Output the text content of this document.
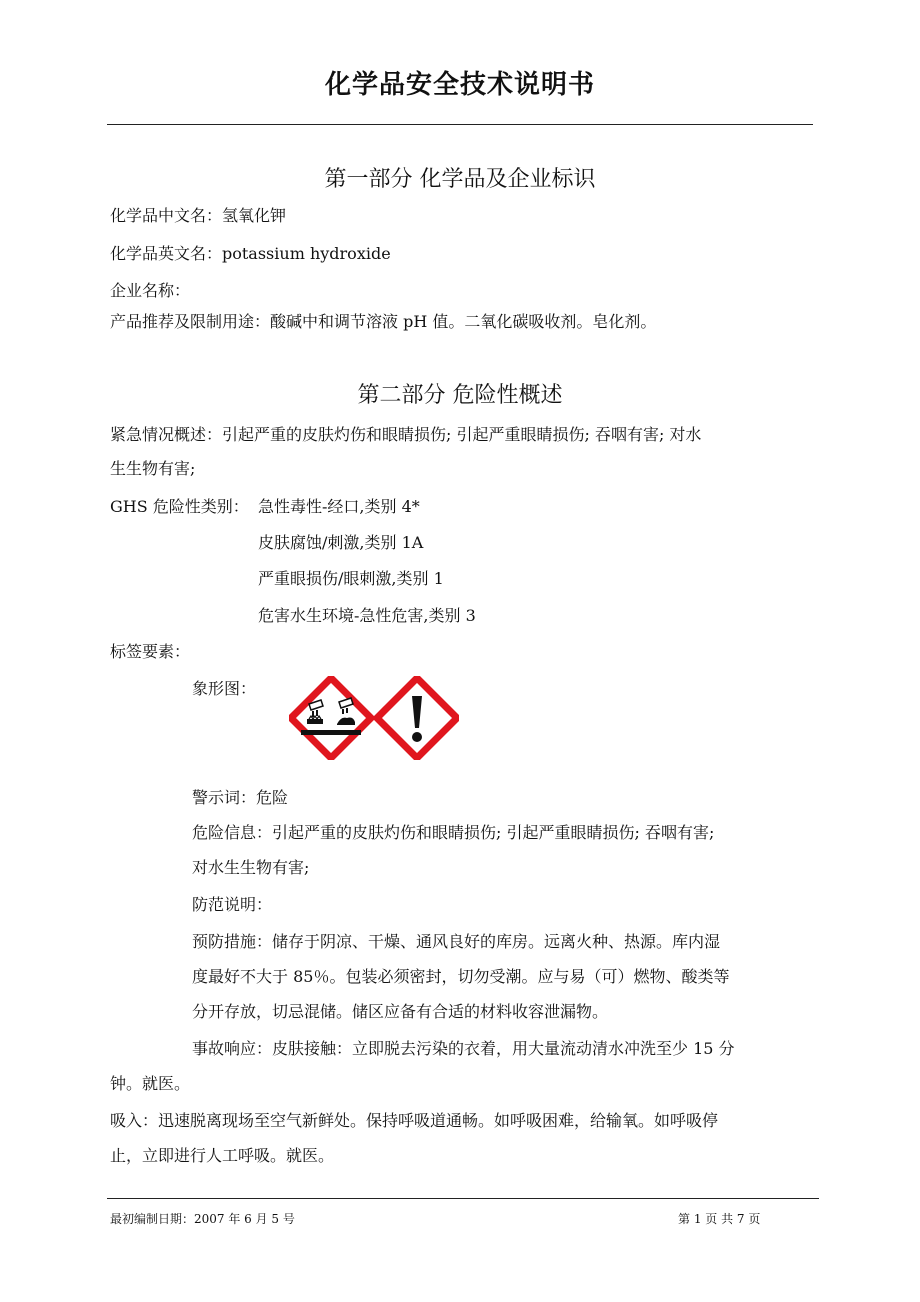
化学品安全技术说明书
第一部分 化学品及企业标识
化学品中文名：氢氧化钾
化学品英文名：potassium hydroxide
企业名称：
产品推荐及限制用途：酸碱中和调节溶液 pH 值。二氧化碳吸收剂。皂化剂。
第二部分 危险性概述
紧急情况概述：引起严重的皮肤灼伤和眼睛损伤; 引起严重眼睛损伤; 吞咽有害; 对水
生生物有害;
GHS 危险性类别： 急性毒性-经口,类别 4*
皮肤腐蚀/刺激,类别 1A
严重眼损伤/眼刺激,类别 1
危害水生环境-急性危害,类别 3
标签要素：
象形图：
警示词：危险
危险信息：引起严重的皮肤灼伤和眼睛损伤; 引起严重眼睛损伤; 吞咽有害;
对水生生物有害;
防范说明：
预防措施：储存于阴凉、干燥、通风良好的库房。远离火种、热源。库内湿
度最好不大于 85％。包装必须密封，切勿受潮。应与易（可）燃物、酸类等
分开存放，切忌混储。储区应备有合适的材料收容泄漏物。
事故响应：皮肤接触：立即脱去污染的衣着，用大量流动清水冲洗至少 15 分
钟。就医。
吸入：迅速脱离现场至空气新鲜处。保持呼吸道通畅。如呼吸困难，给输氧。如呼吸停
止，立即进行人工呼吸。就医。
最初编制日期：2007 年 6 月 5 号	第 1 页 共 7 页
